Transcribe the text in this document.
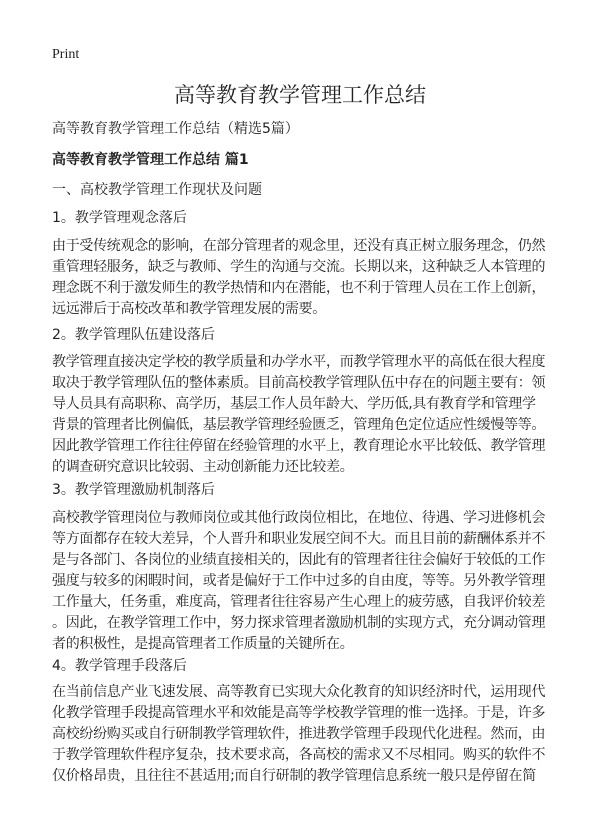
Print
高等教育教学管理工作总结
高等教育教学管理工作总结（精选5篇）
高等教育教学管理工作总结 篇1
一、高校教学管理工作现状及问题
1。教学管理观念落后
由于受传统观念的影响，在部分管理者的观念里，还没有真正树立服务理念，仍然
重管理轻服务，缺乏与教师、学生的沟通与交流。长期以来，这种缺乏人本管理的
理念既不利于激发师生的教学热情和内在潜能，也不利于管理人员在工作上创新，
远远滞后于高校改革和教学管理发展的需要。
2。教学管理队伍建设落后
教学管理直接决定学校的教学质量和办学水平，而教学管理水平的高低在很大程度
取决于教学管理队伍的整体素质。目前高校教学管理队伍中存在的问题主要有：领
导人员具有高职称、高学历，基层工作人员年龄大、学历低,具有教育学和管理学
背景的管理者比例偏低，基层教学管理经验匮乏，管理角色定位适应性缓慢等等。
因此教学管理工作往往停留在经验管理的水平上，教育理论水平比较低、教学管理
的调查研究意识比较弱、主动创新能力还比较差。
3。教学管理激励机制落后
高校教学管理岗位与教师岗位或其他行政岗位相比，在地位、待遇、学习进修机会
等方面都存在较大差异，个人晋升和职业发展空间不大。而且目前的薪酬体系并不
是与各部门、各岗位的业绩直接相关的，因此有的管理者往往会偏好于较低的工作
强度与较多的闲暇时间，或者是偏好于工作中过多的自由度，等等。另外教学管理
工作量大，任务重，难度高，管理者往往容易产生心理上的疲劳感，自我评价较差
。因此，在教学管理工作中，努力探求管理者激励机制的实现方式，充分调动管理
者的积极性，是提高管理者工作质量的关键所在。
4。教学管理手段落后
在当前信息产业飞速发展、高等教育已实现大众化教育的知识经济时代，运用现代
化教学管理手段提高管理水平和效能是高等学校教学管理的惟一选择。于是，许多
高校纷纷购买或自行研制教学管理软件，推进教学管理手段现代化进程。然而，由
于教学管理软件程序复杂，技术要求高，各高校的需求又不尽相同。购买的软件不
仅价格昂贵，且往往不甚适用;而自行研制的教学管理信息系统一般只是停留在简
